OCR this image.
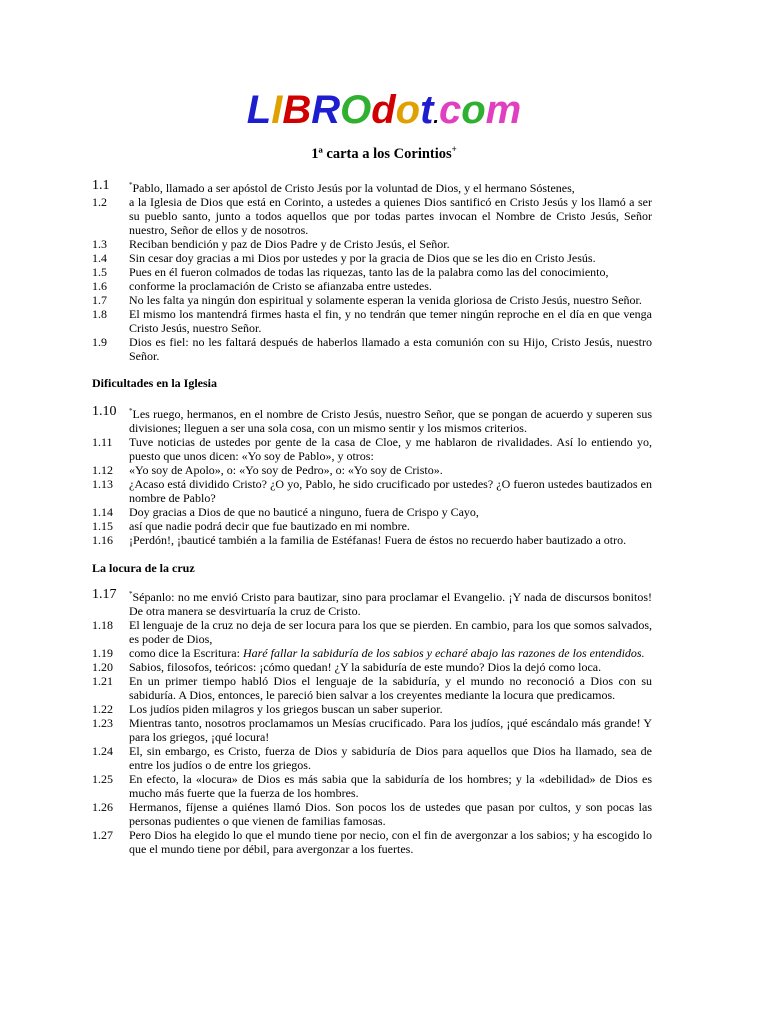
LIBROdot.com
1ª carta a los Corintios+
1.1	*Pablo, llamado a ser apóstol de Cristo Jesús por la voluntad de Dios, y el hermano Sóstenes,
1.2	a la Iglesia de Dios que está en Corinto, a ustedes a quienes Dios santificó en Cristo Jesús y los llamó a ser su pueblo santo, junto a todos aquellos que por todas partes invocan el Nombre de Cristo Jesús, Señor nuestro, Señor de ellos y de nosotros.
1.3	Reciban bendición y paz de Dios Padre y de Cristo Jesús, el Señor.
1.4	Sin cesar doy gracias a mi Dios por ustedes y por la gracia de Dios que se les dio en Cristo Jesús.
1.5	Pues en él fueron colmados de todas las riquezas, tanto las de la palabra como las del conocimiento,
1.6	conforme la proclamación de Cristo se afianzaba entre ustedes.
1.7	No les falta ya ningún don espiritual y solamente esperan la venida gloriosa de Cristo Jesús, nuestro Señor.
1.8	El mismo los mantendrá firmes hasta el fin, y no tendrán que temer ningún reproche en el día en que venga Cristo Jesús, nuestro Señor.
1.9	Dios es fiel: no les faltará después de haberlos llamado a esta comunión con su Hijo, Cristo Jesús, nuestro Señor.
Dificultades en la Iglesia
1.10	*Les ruego, hermanos, en el nombre de Cristo Jesús, nuestro Señor, que se pongan de acuerdo y superen sus divisiones; lleguen a ser una sola cosa, con un mismo sentir y los mismos criterios.
1.11	Tuve noticias de ustedes por gente de la casa de Cloe, y me hablaron de rivalidades. Así lo entiendo yo, puesto que unos dicen: «Yo soy de Pablo», y otros:
1.12	«Yo soy de Apolo», o: «Yo soy de Pedro», o: «Yo soy de Cristo».
1.13	¿Acaso está dividido Cristo? ¿O yo, Pablo, he sido crucificado por ustedes? ¿O fueron ustedes bautizados en nombre de Pablo?
1.14	Doy gracias a Dios de que no bauticé a ninguno, fuera de Crispo y Cayo,
1.15	así que nadie podrá decir que fue bautizado en mi nombre.
1.16	¡Perdón!, ¡bauticé también a la familia de Estéfanas! Fuera de éstos no recuerdo haber bautizado a otro.
La locura de la cruz
1.17	*Sépanlo: no me envió Cristo para bautizar, sino para proclamar el Evangelio. ¡Y nada de discursos bonitos! De otra manera se desvirtuaría la cruz de Cristo.
1.18	El lenguaje de la cruz no deja de ser locura para los que se pierden. En cambio, para los que somos salvados, es poder de Dios,
1.19	como dice la Escritura: Haré fallar la sabiduría de los sabios y echaré abajo las razones de los entendidos.
1.20	Sabios, filosofos, teóricos: ¡cómo quedan! ¿Y la sabiduría de este mundo? Dios la dejó como loca.
1.21	En un primer tiempo habló Dios el lenguaje de la sabiduría, y el mundo no reconoció a Dios con su sabiduría. A Dios, entonces, le pareció bien salvar a los creyentes mediante la locura que predicamos.
1.22	Los judíos piden milagros y los griegos buscan un saber superior.
1.23	Mientras tanto, nosotros proclamamos un Mesías crucificado. Para los judíos, ¡qué escándalo más grande! Y para los griegos, ¡qué locura!
1.24	El, sin embargo, es Cristo, fuerza de Dios y sabiduría de Dios para aquellos que Dios ha llamado, sea de entre los judíos o de entre los griegos.
1.25	En efecto, la «locura» de Dios es más sabia que la sabiduría de los hombres; y la «debilidad» de Dios es mucho más fuerte que la fuerza de los hombres.
1.26	Hermanos, fíjense a quiénes llamó Dios. Son pocos los de ustedes que pasan por cultos, y son pocas las personas pudientes o que vienen de familias famosas.
1.27	Pero Dios ha elegido lo que el mundo tiene por necio, con el fin de avergonzar a los sabios; y ha escogido lo que el mundo tiene por débil, para avergonzar a los fuertes.
